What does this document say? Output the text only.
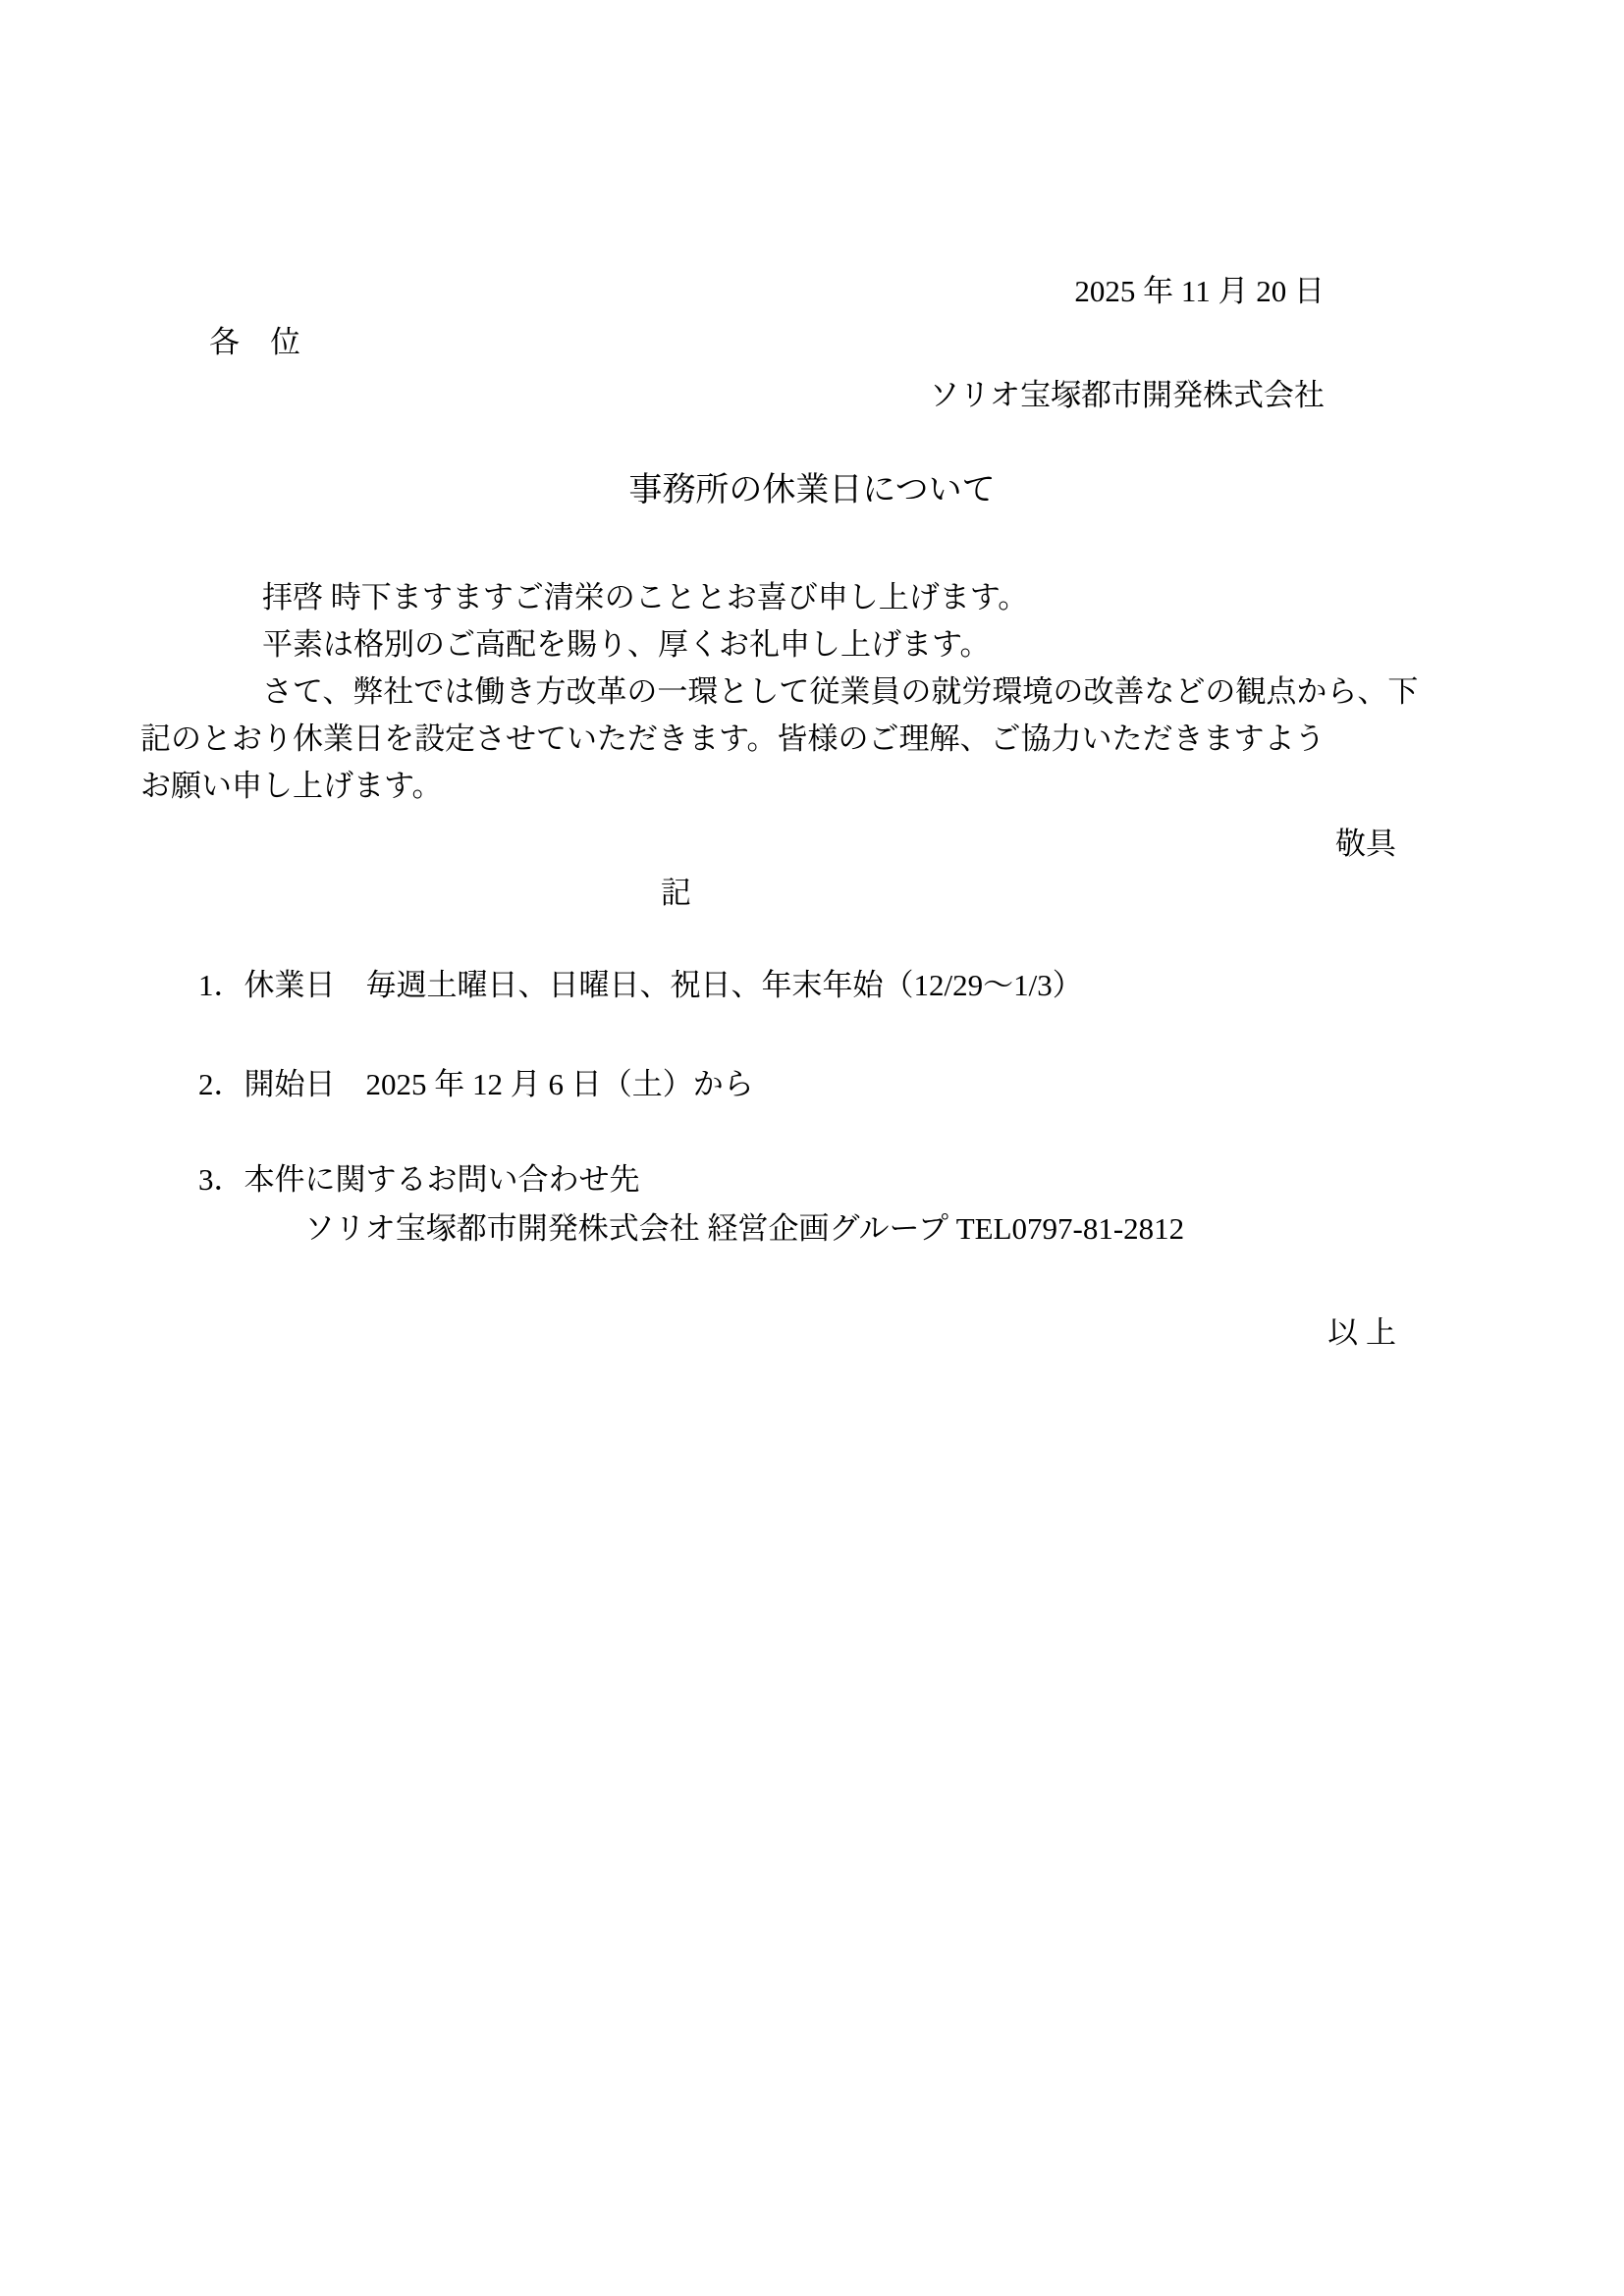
2025 年 11 月 20 日
各　位
ソリオ宝塚都市開発株式会社
事務所の休業日について
拝啓 時下ますますご清栄のこととお喜び申し上げます。
平素は格別のご高配を賜り、厚くお礼申し上げます。
さて、弊社では働き方改革の一環として従業員の就労環境の改善などの観点から、下
記のとおり休業日を設定させていただきます。皆様のご理解、ご協力いただきますよう
お願い申し上げます。
敬具
記
1．休業日　毎週土曜日、日曜日、祝日、年末年始（12/29～1/3）
2．開始日　2025 年 12 月 6 日（土）から
3．本件に関するお問い合わせ先
ソリオ宝塚都市開発株式会社 経営企画グループ TEL0797-81-2812
以 上
